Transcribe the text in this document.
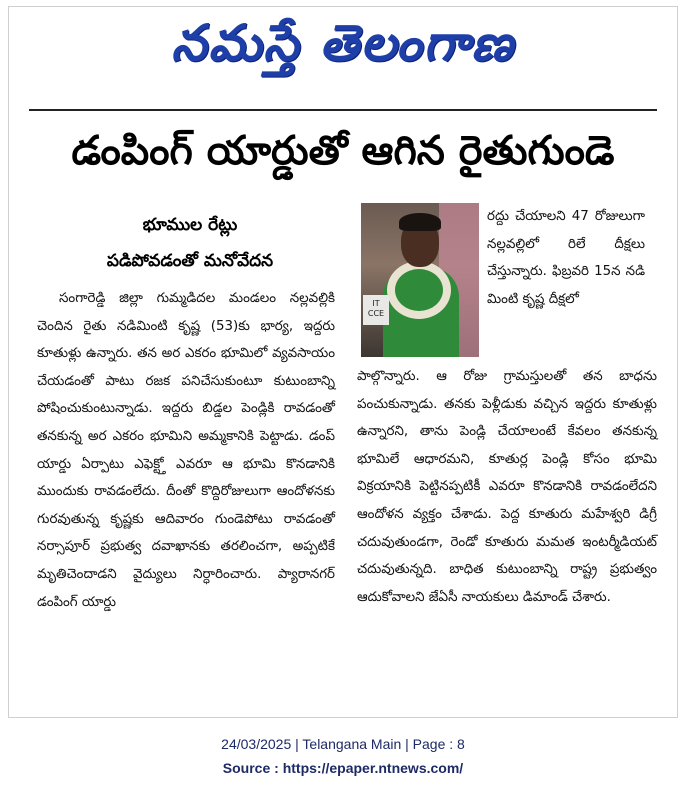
నమస్తే తెలంగాణ
డంపింగ్ యార్డుతో ఆగిన రైతుగుండె
భూముల రేట్లు
పడిపోవడంతో మనోవేదన
IT
CCE

సంగారెడ్డి జిల్లా గుమ్మడిదల మండలం నల్లవల్లికి చెందిన రైతు నడిమింటి కృష్ణ (53)కు భార్య, ఇద్దరు కూతుళ్లు ఉన్నారు. తన అర ఎకరం భూమిలో వ్యవసాయం చేయడంతో పాటు రజక పనిచేసుకుంటూ కుటుంబాన్ని పోషించుకుంటున్నాడు. ఇద్దరు బిడ్డల పెండ్లికి రావడంతో తనకున్న అర ఎకరం భూమిని అమ్మకానికి పెట్టాడు. డంప్ యార్డు ఏర్పాటు ఎఫెక్ట్తో ఎవరూ ఆ భూమి కొనడానికి ముందుకు రావడంలేదు. దీంతో కొద్దిరోజులుగా ఆందోళనకు గురవుతున్న కృష్ణకు ఆదివారం గుండెపోటు రావడంతో నర్సాపూర్ ప్రభుత్వ దవాఖానకు తరలించగా, అప్పటికే మృతిచెందాడని వైద్యులు నిర్ధారించారు. ప్యారానగర్ డంపింగ్ యార్డు

రద్దు చేయాలని 47 రోజులుగా నల్లవల్లిలో రిలే దీక్షలు చేస్తున్నారు. ఫిబ్రవరి 15న నడి మింటి కృష్ణ దీక్షలో

పాల్గొన్నారు. ఆ రోజు గ్రామస్తులతో తన బాధను పంచుకున్నాడు. తనకు పెళ్లీడుకు వచ్చిన ఇద్దరు కూతుళ్లు ఉన్నారని, తాను పెండ్లి చేయాలంటే కేవలం తనకున్న భూమిలే ఆధారమని, కూతుర్ల పెండ్లి కోసం భూమి విక్రయానికి పెట్టినప్పటికీ ఎవరూ కొనడానికి రావడంలేదని ఆందోళన వ్యక్తం చేశాడు. పెద్ద కూతురు మహేశ్వరి డిగ్రీ చదువుతుండగా, రెండో కూతురు మమత ఇంటర్మీడియట్ చదువుతున్నది. బాధిత కుటుంబాన్ని రాష్ట్ర ప్రభుత్వం ఆదుకోవాలని జేఏసీ నాయకులు డిమాండ్ చేశారు.

24/03/2025 | Telangana Main | Page : 8
Source : https://epaper.ntnews.com/
